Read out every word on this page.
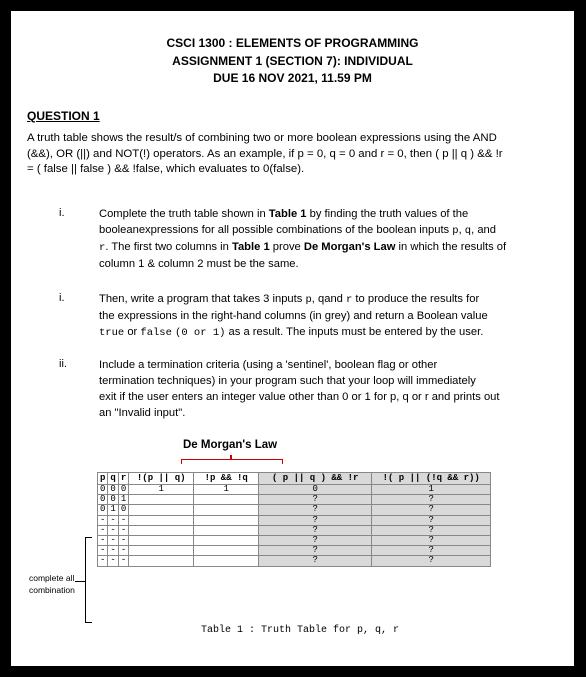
CSCI 1300 : ELEMENTS OF PROGRAMMING
ASSIGNMENT 1 (SECTION 7): INDIVIDUAL
DUE 16 NOV 2021, 11.59 PM
QUESTION 1
A truth table shows the result/s of combining two or more boolean expressions using the AND
(&&), OR (||) and NOT(!) operators. As an example, if p = 0, q = 0 and r = 0, then ( p || q ) && !r
= ( false || false ) && !false, which evaluates to 0(false).
i.	Complete the truth table shown in Table 1 by finding the truth values of the
booleanexpressions for all possible combinations of the boolean inputs p, q, and
r. The first two columns in Table 1 prove De Morgan's Law in which the results of
column 1 & column 2 must be the same.
i.	Then, write a program that takes 3 inputs p, qand r to produce the results for
the expressions in the right-hand columns (in grey) and return a Boolean value
true or false (0 or 1) as a result. The inputs must be entered by the user.
ii.	Include a termination criteria (using a 'sentinel', boolean flag or other
termination techniques) in your program such that your loop will immediately
exit if the user enters an integer value other than 0 or 1 for p, q or r and prints out
an "Invalid input".
De Morgan's Law
p	q	r	!(p || q)	!p && !q	( p || q ) && !r	!( p || (!q && r))
0	0	0	1	1	0	1
0	0	1			?	?
0	1	0			?	?
-	-	-			?	?
-	-	-			?	?
-	-	-			?	?
-	-	-			?	?
-	-	-			?	?
complete all
combination
Table 1 : Truth Table for p, q, r
